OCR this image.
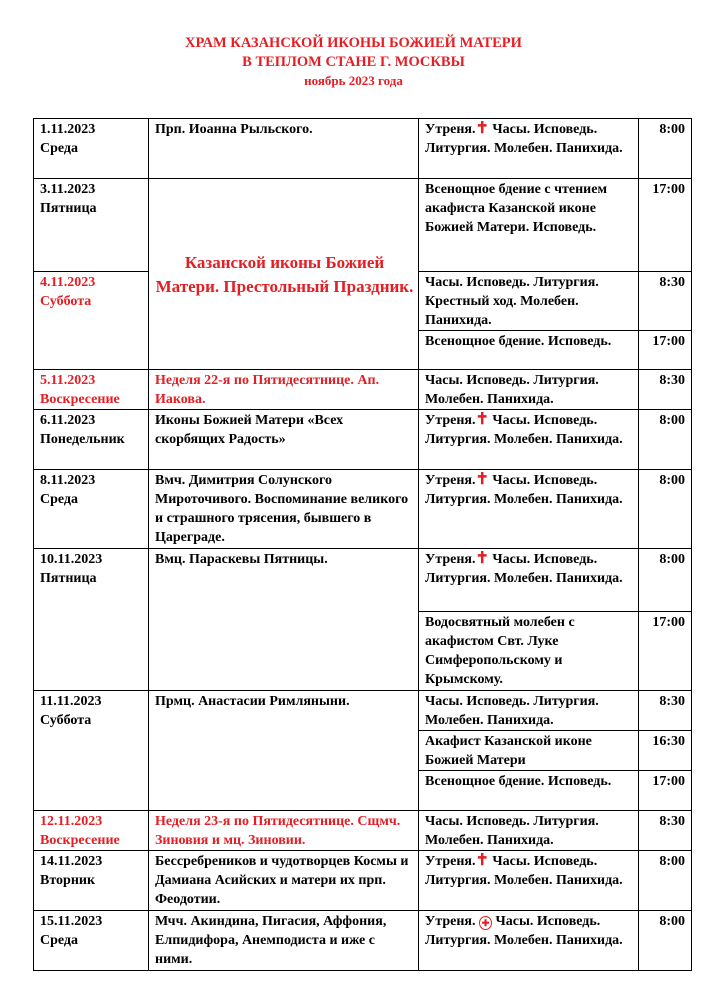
ХРАМ КАЗАНСКОЙ ИКОНЫ БОЖИЕЙ МАТЕРИ
В ТЕПЛОМ СТАНЕ Г. МОСКВЫ
ноябрь 2023 года
1.11.2023
Среда	Прп. Иоанна Рыльского.	Утреня.✝ Часы. Исповедь. Литургия. Молебен. Панихида.	8:00

3.11.2023
Пятница	Казанской иконы Божией Матери. Престольный Праздник.	Всенощное бдение с чтением акафиста Казанской иконе Божией Матери. Исповедь.	17:00

4.11.2023
Суббота		Часы. Исповедь. Литургия. Крестный ход. Молебен. Панихида.	8:30
		Всенощное бдение. Исповедь.	17:00

5.11.2023
Воскресение	Неделя 22-я по Пятидесятнице. Ап. Иакова.	Часы. Исповедь. Литургия. Молебен. Панихида.	8:30

6.11.2023
Понедельник	Иконы Божией Матери «Всех скорбящих Радость»	Утреня.✝ Часы. Исповедь. Литургия. Молебен. Панихида.	8:00

8.11.2023
Среда	Вмч. Димитрия Солунского Мироточивого. Воспоминание великого и страшного трясения, бывшего в Цареграде.	Утреня.✝ Часы. Исповедь. Литургия. Молебен. Панихида.	8:00

10.11.2023
Пятница	Вмц. Параскевы Пятницы.	Утреня.✝ Часы. Исповедь. Литургия. Молебен. Панихида.	8:00
		Водосвятный молебен с акафистом Свт. Луке Симферопольскому и Крымскому.	17:00

11.11.2023
Суббота	Прмц. Анастасии Римляныни.	Часы. Исповедь. Литургия. Молебен. Панихида.	8:30
		Акафист Казанской иконе Божией Матери	16:30
		Всенощное бдение. Исповедь.	17:00

12.11.2023
Воскресение	Неделя 23-я по Пятидесятнице. Сщмч. Зиновия и мц. Зиновии.	Часы. Исповедь. Литургия. Молебен. Панихида.	8:30

14.11.2023
Вторник	Бессребреников и чудотворцев Космы и Дамиана Асийских и матери их прп. Феодотии.	Утреня.✝ Часы. Исповедь. Литургия. Молебен. Панихида.	8:00

15.11.2023
Среда	Мчч. Акиндина, Пигасия, Аффония, Елпидифора, Анемподиста и иже с ними.	Утреня. ✚ Часы. Исповедь. Литургия. Молебен. Панихида.	8:00
